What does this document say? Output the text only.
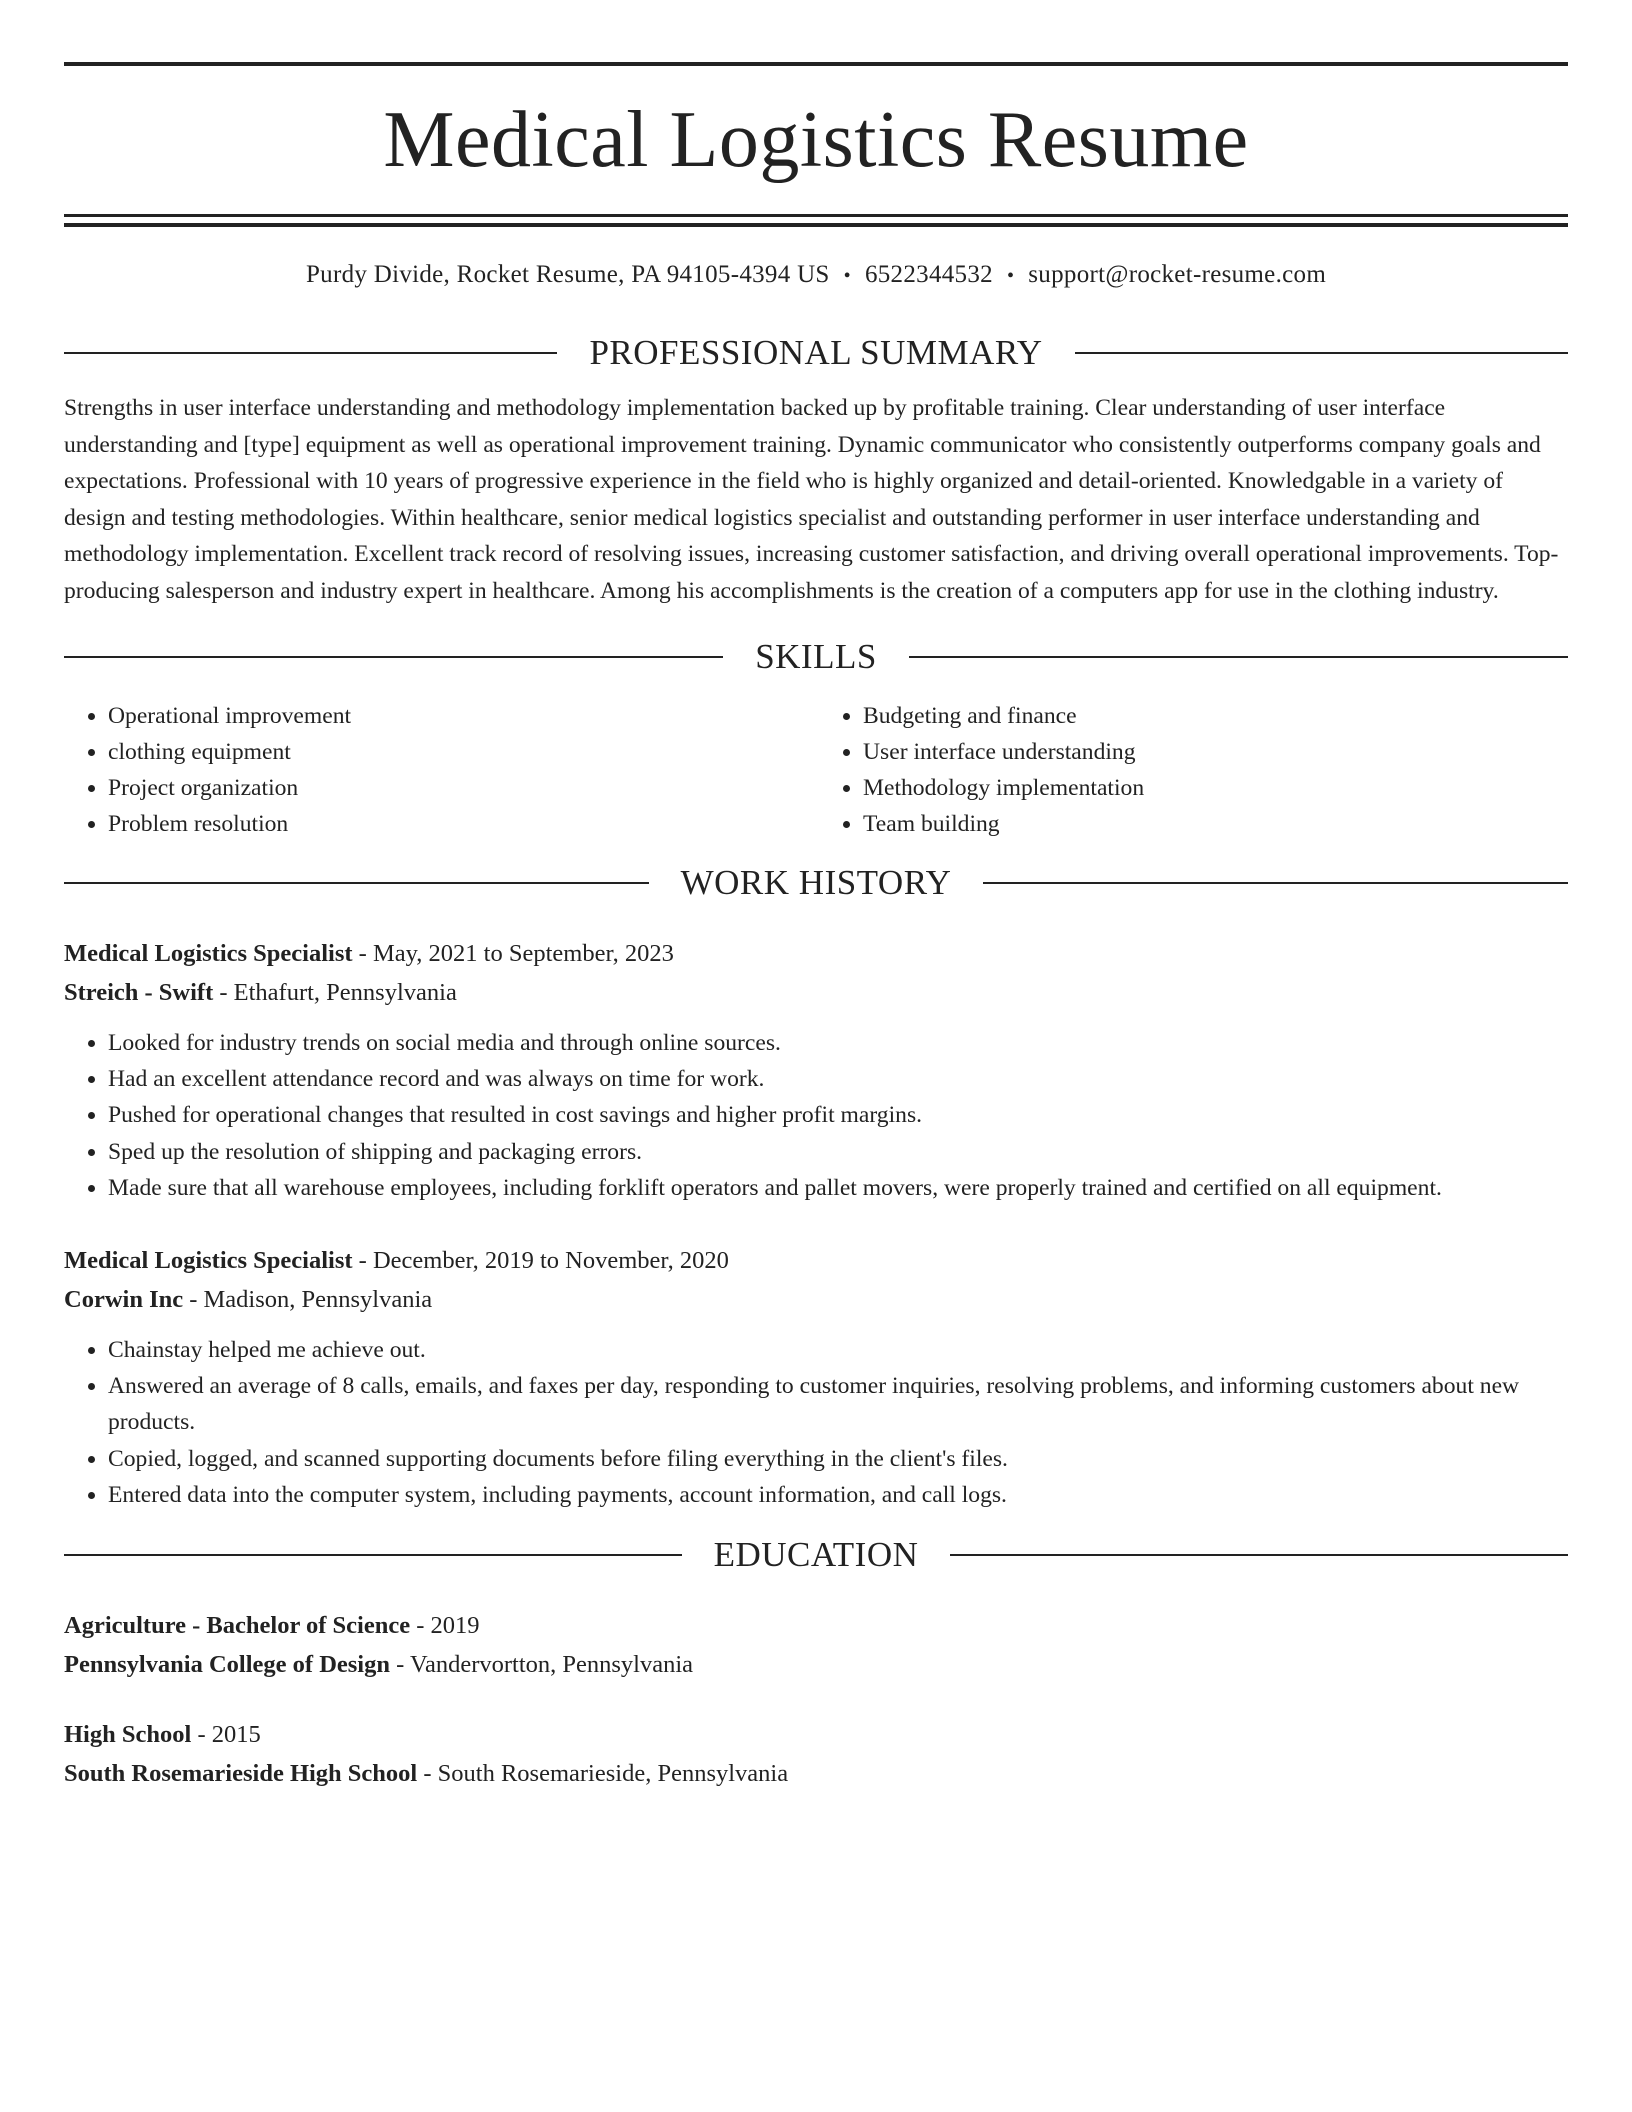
Medical Logistics Resume
Purdy Divide, Rocket Resume, PA 94105-4394 US • 6522344532 • support@rocket-resume.com
PROFESSIONAL SUMMARY

Strengths in user interface understanding and methodology implementation backed up by profitable training. Clear understanding of user interface understanding and [type] equipment as well as operational improvement training. Dynamic communicator who consistently outperforms company goals and expectations. Professional with 10 years of progressive experience in the field who is highly organized and detail-oriented. Knowledgable in a variety of design and testing methodologies. Within healthcare, senior medical logistics specialist and outstanding performer in user interface understanding and methodology implementation. Excellent track record of resolving issues, increasing customer satisfaction, and driving overall operational improvements. Top-producing salesperson and industry expert in healthcare. Among his accomplishments is the creation of a computers app for use in the clothing industry.

SKILLS
• Operational improvement
• clothing equipment
• Project organization
• Problem resolution
• Budgeting and finance
• User interface understanding
• Methodology implementation
• Team building
WORK HISTORY
Medical Logistics Specialist - May, 2021 to September, 2023
Streich - Swift - Ethafurt, Pennsylvania
• Looked for industry trends on social media and through online sources.
• Had an excellent attendance record and was always on time for work.
• Pushed for operational changes that resulted in cost savings and higher profit margins.
• Sped up the resolution of shipping and packaging errors.
• Made sure that all warehouse employees, including forklift operators and pallet movers, were properly trained and certified on all equipment.
Medical Logistics Specialist - December, 2019 to November, 2020
Corwin Inc - Madison, Pennsylvania
• Chainstay helped me achieve out.
• Answered an average of 8 calls, emails, and faxes per day, responding to customer inquiries, resolving problems, and informing customers about new products.
• Copied, logged, and scanned supporting documents before filing everything in the client's files.
• Entered data into the computer system, including payments, account information, and call logs.
EDUCATION
Agriculture - Bachelor of Science - 2019
Pennsylvania College of Design - Vandervortton, Pennsylvania
High School - 2015
South Rosemarieside High School - South Rosemarieside, Pennsylvania
